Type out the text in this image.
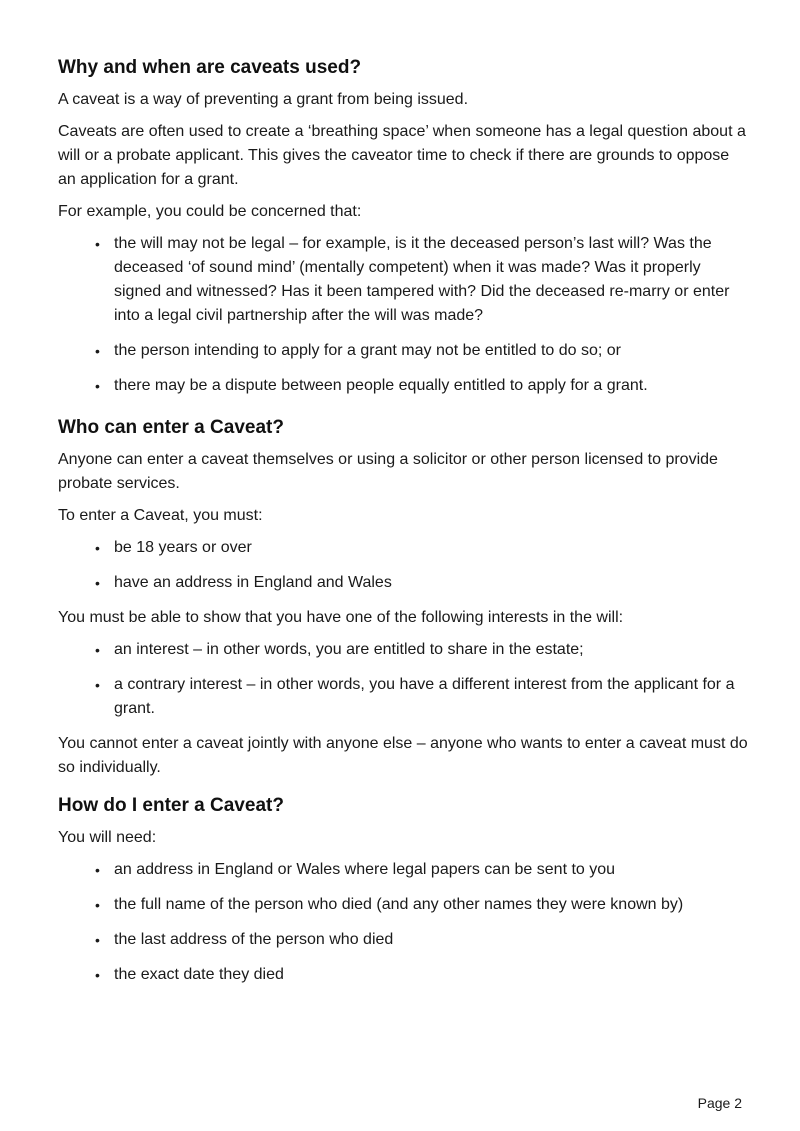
Why and when are caveats used?

A caveat is a way of preventing a grant from being issued.

Caveats are often used to create a ‘breathing space’ when someone has a legal question about a will or a probate applicant. This gives the caveator time to check if there are grounds to oppose an application for a grant.

For example, you could be concerned that:

• the will may not be legal – for example, is it the deceased person’s last will? Was the deceased ‘of sound mind’ (mentally competent) when it was made? Was it properly signed and witnessed? Has it been tampered with? Did the deceased re-marry or enter into a legal civil partnership after the will was made?
• the person intending to apply for a grant may not be entitled to do so; or
• there may be a dispute between people equally entitled to apply for a grant.
Who can enter a Caveat?

Anyone can enter a caveat themselves or using a solicitor or other person licensed to provide probate services.

To enter a Caveat, you must:

• be 18 years or over
• have an address in England and Wales

You must be able to show that you have one of the following interests in the will:

• an interest – in other words, you are entitled to share in the estate;
• a contrary interest – in other words, you have a different interest from the applicant for a grant.

You cannot enter a caveat jointly with anyone else – anyone who wants to enter a caveat must do so individually.

How do I enter a Caveat?

You will need:

• an address in England or Wales where legal papers can be sent to you
• the full name of the person who died (and any other names they were known by)
• the last address of the person who died
• the exact date they died
Page 2
